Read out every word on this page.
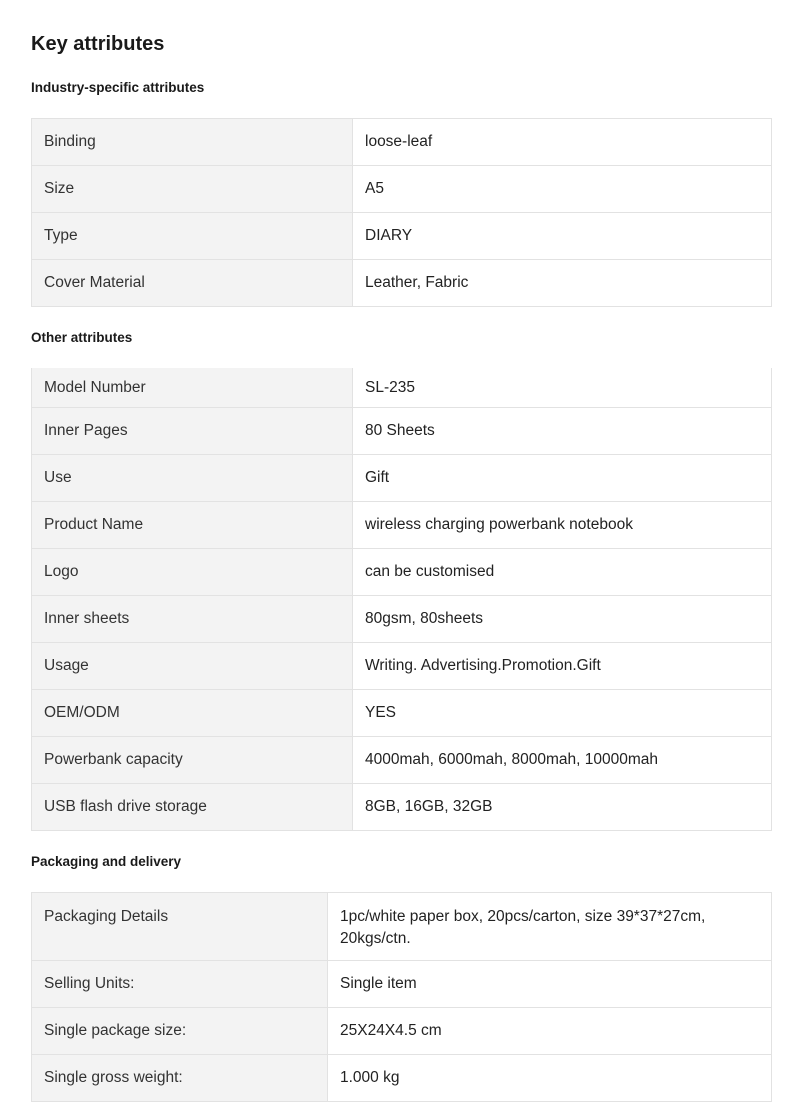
Key attributes
Industry-specific attributes
Binding	loose-leaf
Size	A5
Type	DIARY
Cover Material	Leather, Fabric
Other attributes
Model Number	SL-235
Inner Pages	80 Sheets
Use	Gift
Product Name	wireless charging powerbank notebook
Logo	can be customised
Inner sheets	80gsm, 80sheets
Usage	Writing. Advertising.Promotion.Gift
OEM/ODM	YES
Powerbank capacity	4000mah, 6000mah, 8000mah, 10000mah
USB flash drive storage	8GB, 16GB, 32GB
Packaging and delivery
Packaging Details	1pc/white paper box, 20pcs/carton, size 39*37*27cm, 20kgs/ctn.
Selling Units:	Single item
Single package size:	25X24X4.5 cm
Single gross weight:	1.000 kg
